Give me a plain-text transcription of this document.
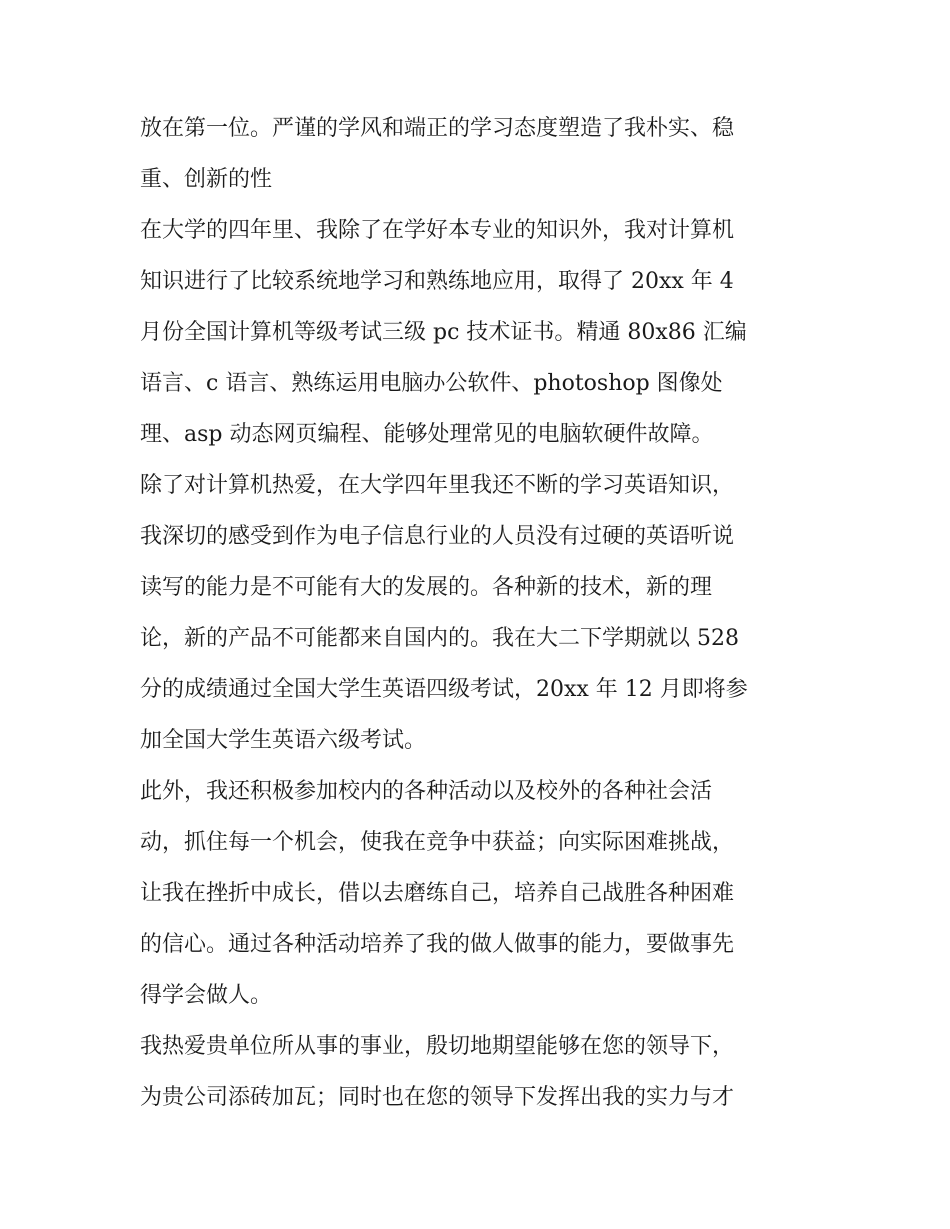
放在第一位。严谨的学风和端正的学习态度塑造了我朴实、稳
重、创新的性
在大学的四年里、我除了在学好本专业的知识外，我对计算机
知识进行了比较系统地学习和熟练地应用，取得了 20xx 年 4
月份全国计算机等级考试三级 pc 技术证书。精通 80x86 汇编
语言、c 语言、熟练运用电脑办公软件、photoshop 图像处
理、asp 动态网页编程、能够处理常见的电脑软硬件故障。
除了对计算机热爱，在大学四年里我还不断的学习英语知识，
我深切的感受到作为电子信息行业的人员没有过硬的英语听说
读写的能力是不可能有大的发展的。各种新的技术，新的理
论，新的产品不可能都来自国内的。我在大二下学期就以 528
分的成绩通过全国大学生英语四级考试，20xx 年 12 月即将参
加全国大学生英语六级考试。
此外，我还积极参加校内的各种活动以及校外的各种社会活
动，抓住每一个机会，使我在竞争中获益；向实际困难挑战，
让我在挫折中成长，借以去磨练自己，培养自己战胜各种困难
的信心。通过各种活动培养了我的做人做事的能力，要做事先
得学会做人。
我热爱贵单位所从事的事业，殷切地期望能够在您的领导下，
为贵公司添砖加瓦；同时也在您的领导下发挥出我的实力与才
